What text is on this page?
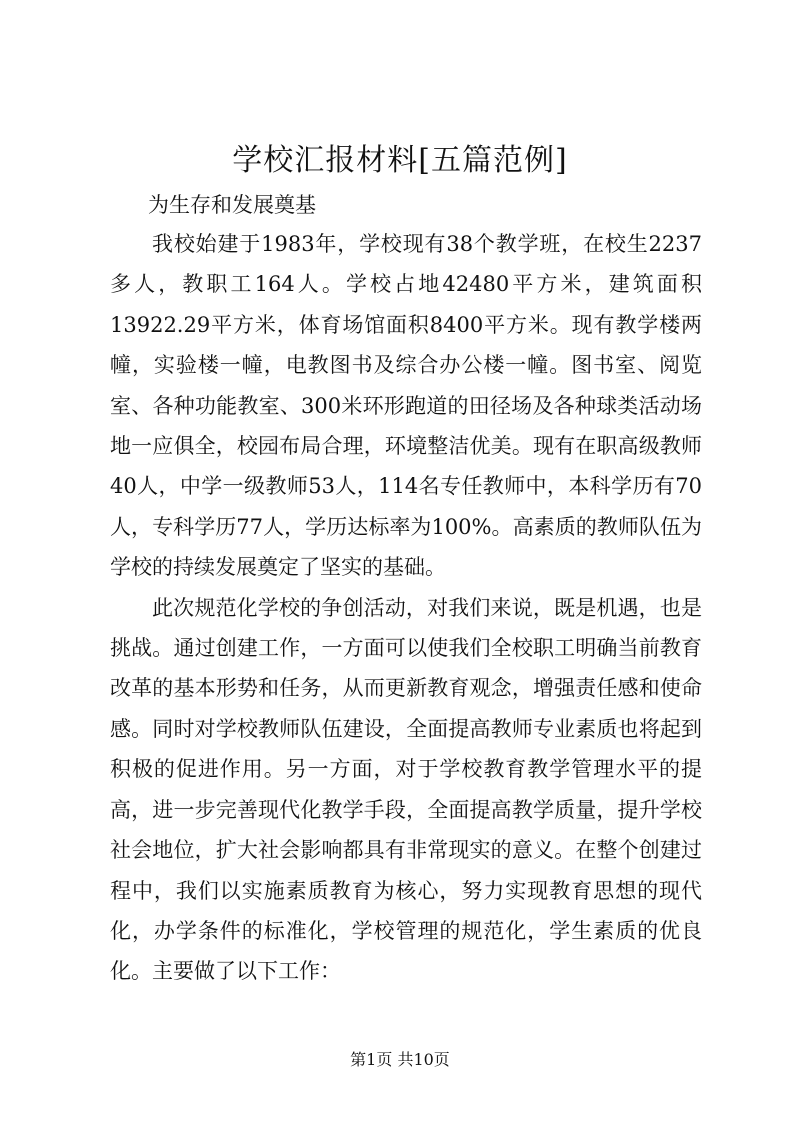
学校汇报材料[五篇范例]
为生存和发展奠基

我校始建于1983年，学校现有38个教学班，在校生2237多人，教职工164人。学校占地42480平方米，建筑面积13922.29平方米，体育场馆面积8400平方米。现有教学楼两幢，实验楼一幢，电教图书及综合办公楼一幢。图书室、阅览室、各种功能教室、300米环形跑道的田径场及各种球类活动场地一应俱全，校园布局合理，环境整洁优美。现有在职高级教师40人，中学一级教师53人，114名专任教师中，本科学历有70人，专科学历77人，学历达标率为100%。高素质的教师队伍为学校的持续发展奠定了坚实的基础。

此次规范化学校的争创活动，对我们来说，既是机遇，也是挑战。通过创建工作，一方面可以使我们全校职工明确当前教育改革的基本形势和任务，从而更新教育观念，增强责任感和使命感。同时对学校教师队伍建设，全面提高教师专业素质也将起到积极的促进作用。另一方面，对于学校教育教学管理水平的提高，进一步完善现代化教学手段，全面提高教学质量，提升学校社会地位，扩大社会影响都具有非常现实的意义。在整个创建过程中，我们以实施素质教育为核心，努力实现教育思想的现代化，办学条件的标准化，学校管理的规范化，学生素质的优良化。主要做了以下工作：

第1页 共10页
